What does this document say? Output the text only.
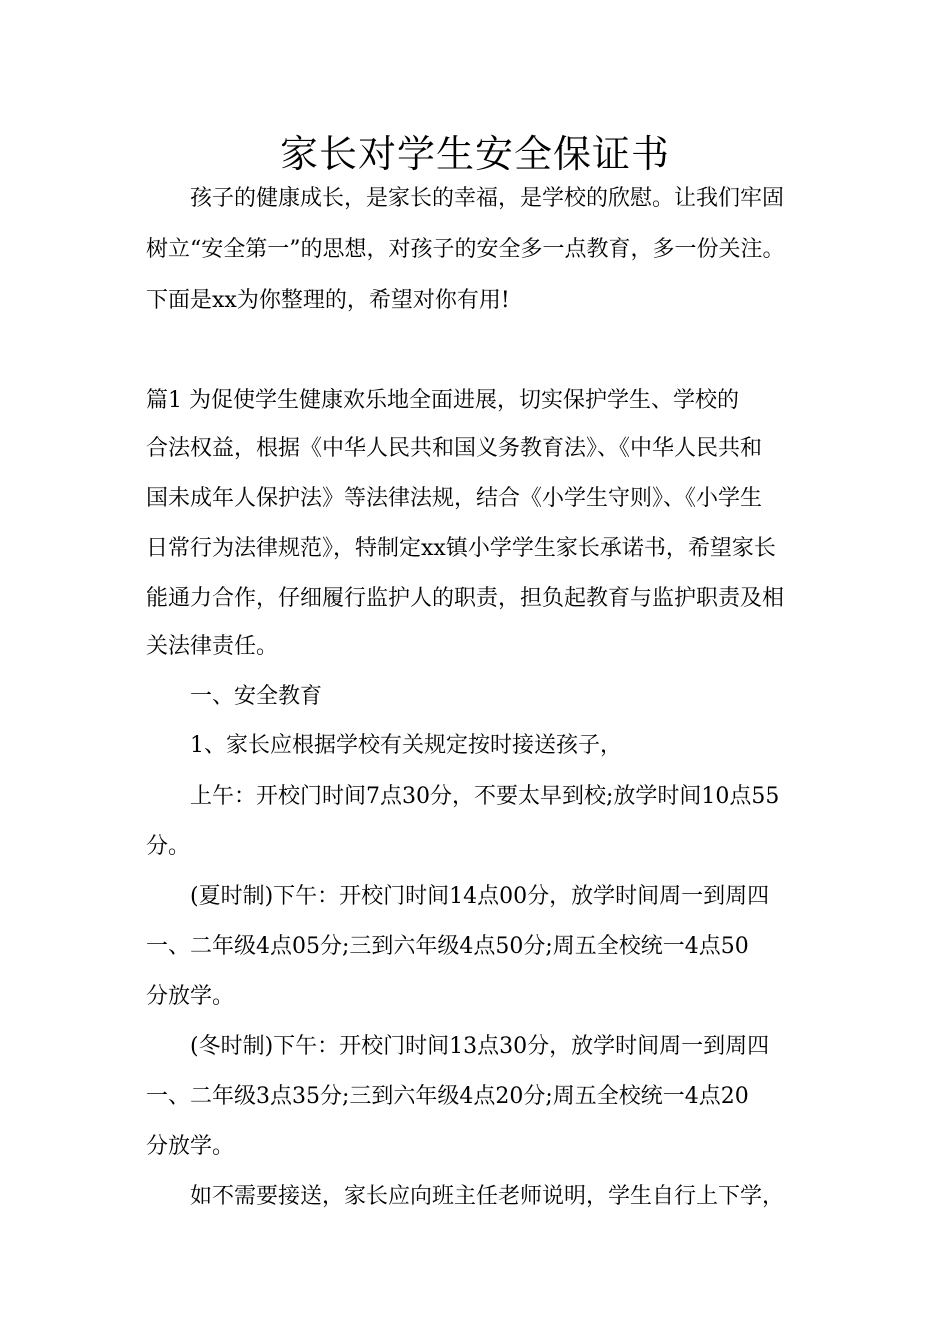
家长对学生安全保证书
孩子的健康成长，是家长的幸福，是学校的欣慰。让我们牢固
树立“安全第一”的思想，对孩子的安全多一点教育，多一份关注。
下面是xx为你整理的，希望对你有用!
篇1 为促使学生健康欢乐地全面进展，切实保护学生、学校的
合法权益，根据《中华人民共和国义务教育法》、《中华人民共和
国未成年人保护法》等法律法规，结合《小学生守则》、《小学生
日常行为法律规范》，特制定xx镇小学学生家长承诺书，希望家长
能通力合作，仔细履行监护人的职责，担负起教育与监护职责及相
关法律责任。
一、安全教育
1、家长应根据学校有关规定按时接送孩子，
上午：开校门时间7点30分，不要太早到校;放学时间10点55
分。
(夏时制)下午：开校门时间14点00分，放学时间周一到周四
一、二年级4点05分;三到六年级4点50分;周五全校统一4点50
分放学。
(冬时制)下午：开校门时间13点30分，放学时间周一到周四
一、二年级3点35分;三到六年级4点20分;周五全校统一4点20
分放学。
如不需要接送，家长应向班主任老师说明，学生自行上下学，
